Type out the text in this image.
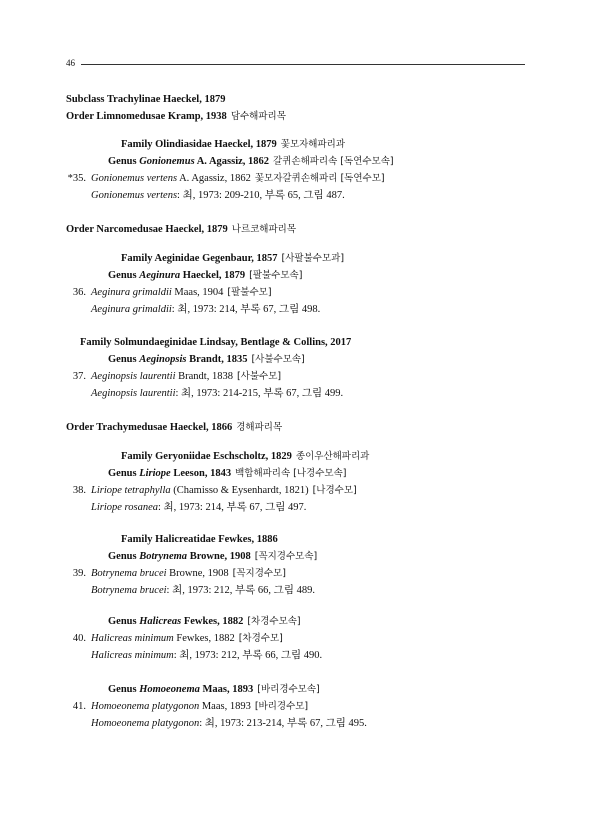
46
Subclass Trachylinae Haeckel, 1879
Order Limnomedusae Kramp, 1938 담수해파리목
Family Olindiasidae Haeckel, 1879 꽃모자해파리과
Genus Gonionemus A. Agassiz, 1862 갈퀴손해파리속 [독연수모속]
*35. Gonionemus vertens A. Agassiz, 1862 꽃모자갈퀴손해파리 [독연수모]
Gonionemus vertens: 최, 1973: 209-210, 부록 65, 그림 487.
Order Narcomedusae Haeckel, 1879 나르코해파리목
Family Aeginidae Gegenbaur, 1857 [사팔불수모과]
Genus Aeginura Haeckel, 1879 [팔불수모속]
36. Aeginura grimaldii Maas, 1904 [팔불수모]
Aeginura grimaldii: 최, 1973: 214, 부록 67, 그림 498.
Family Solmundaeginidae Lindsay, Bentlage & Collins, 2017
Genus Aeginopsis Brandt, 1835 [사불수모속]
37. Aeginopsis laurentii Brandt, 1838 [사불수모]
Aeginopsis laurentii: 최, 1973: 214-215, 부록 67, 그림 499.
Order Trachymedusae Haeckel, 1866 경해파리목
Family Geryoniidae Eschscholtz, 1829 종이우산해파리과
Genus Liriope Leeson, 1843 백합해파리속 [나경수모속]
38. Liriope tetraphylla (Chamisso & Eysenhardt, 1821) [나경수모]
Liriope rosanea: 최, 1973: 214, 부록 67, 그림 497.
Family Halicreatidae Fewkes, 1886
Genus Botrynema Browne, 1908 [꼭지경수모속]
39. Botrynema brucei Browne, 1908 [꼭지경수모]
Botrynema brucei: 최, 1973: 212, 부록 66, 그림 489.
Genus Halicreas Fewkes, 1882 [차경수모속]
40. Halicreas minimum Fewkes, 1882 [차경수모]
Halicreas minimum: 최, 1973: 212, 부록 66, 그림 490.
Genus Homoeonema Maas, 1893 [바리경수모속]
41. Homoeonema platygonon Maas, 1893 [바리경수모]
Homoeonema platygonon: 최, 1973: 213-214, 부록 67, 그림 495.
